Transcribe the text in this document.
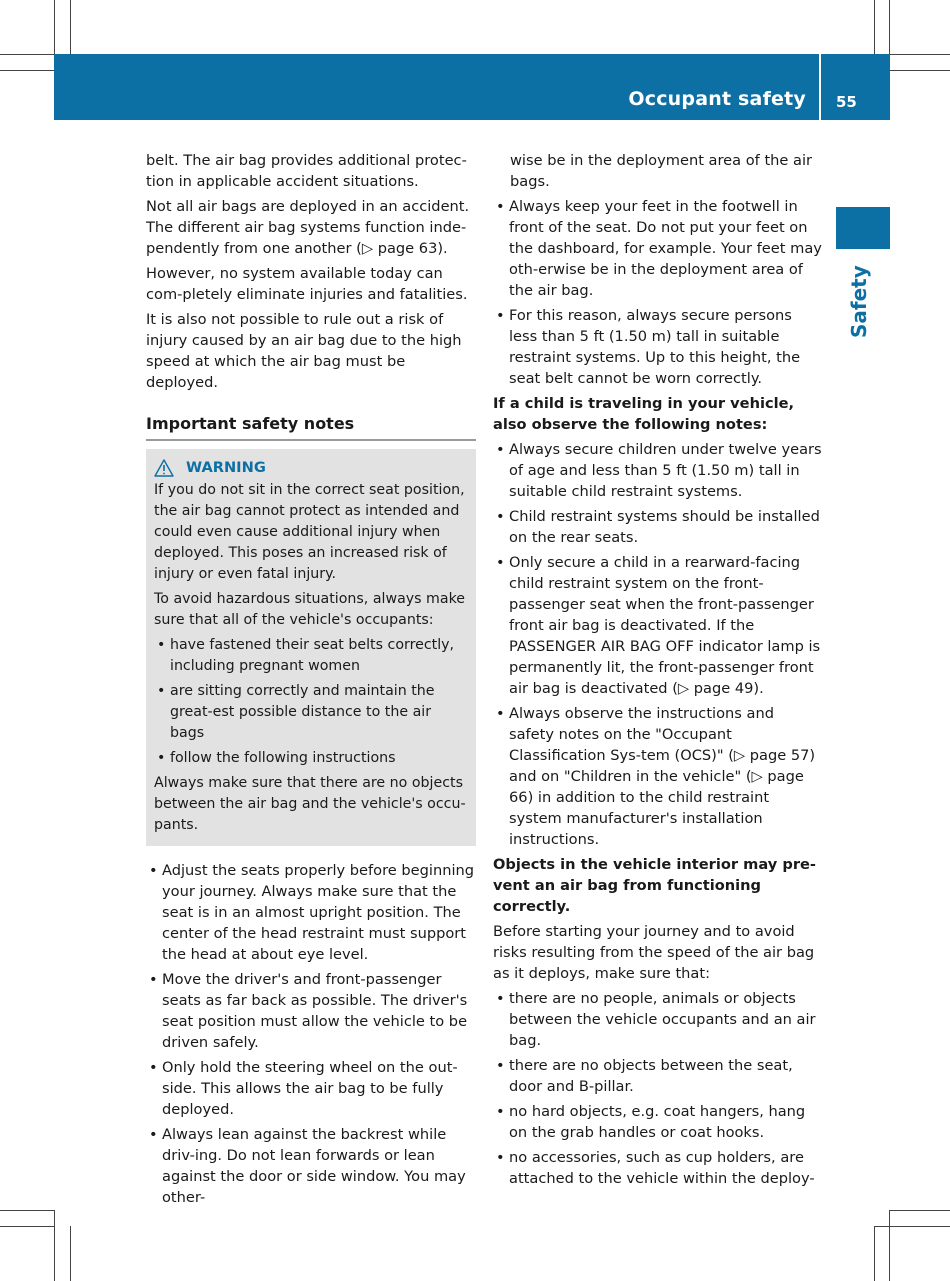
Occupant safety 55
Safety

belt. The air bag provides additional protec-tion in applicable accident situations.

Not all air bags are deployed in an accident. The different air bag systems function inde-pendently from one another (▷ page 63).

However, no system available today can com-pletely eliminate injuries and fatalities.

It is also not possible to rule out a risk of injury caused by an air bag due to the high speed at which the air bag must be deployed.

Important safety notes
WARNING

If you do not sit in the correct seat position, the air bag cannot protect as intended and could even cause additional injury when deployed. This poses an increased risk of injury or even fatal injury.

To avoid hazardous situations, always make sure that all of the vehicle's occupants:

• have fastened their seat belts correctly, including pregnant women
• are sitting correctly and maintain the great-est possible distance to the air bags
• follow the following instructions

Always make sure that there are no objects between the air bag and the vehicle's occu-pants.

• Adjust the seats properly before beginning your journey. Always make sure that the seat is in an almost upright position. The center of the head restraint must support the head at about eye level.
• Move the driver's and front-passenger seats as far back as possible. The driver's seat position must allow the vehicle to be driven safely.
• Only hold the steering wheel on the out-side. This allows the air bag to be fully deployed.
• Always lean against the backrest while driv-ing. Do not lean forwards or lean against the door or side window. You may other-
wise be in the deployment area of the air bags.
• Always keep your feet in the footwell in front of the seat. Do not put your feet on the dashboard, for example. Your feet may oth-erwise be in the deployment area of the air bag.
• For this reason, always secure persons less than 5 ft (1.50 m) tall in suitable restraint systems. Up to this height, the seat belt cannot be worn correctly.
If a child is traveling in your vehicle, also observe the following notes:
• Always secure children under twelve years of age and less than 5 ft (1.50 m) tall in suitable child restraint systems.
• Child restraint systems should be installed on the rear seats.
• Only secure a child in a rearward-facing child restraint system on the front-passenger seat when the front-passenger front air bag is deactivated. If the PASSENGER AIR BAG OFF indicator lamp is permanently lit, the front-passenger front air bag is deactivated (▷ page 49).
• Always observe the instructions and safety notes on the "Occupant Classification Sys-tem (OCS)" (▷ page 57) and on "Children in the vehicle" (▷ page 66) in addition to the child restraint system manufacturer's installation instructions.
Objects in the vehicle interior may pre-vent an air bag from functioning correctly.

Before starting your journey and to avoid risks resulting from the speed of the air bag as it deploys, make sure that:

• there are no people, animals or objects between the vehicle occupants and an air bag.
• there are no objects between the seat, door and B-pillar.
• no hard objects, e.g. coat hangers, hang on the grab handles or coat hooks.
• no accessories, such as cup holders, are attached to the vehicle within the deploy-
